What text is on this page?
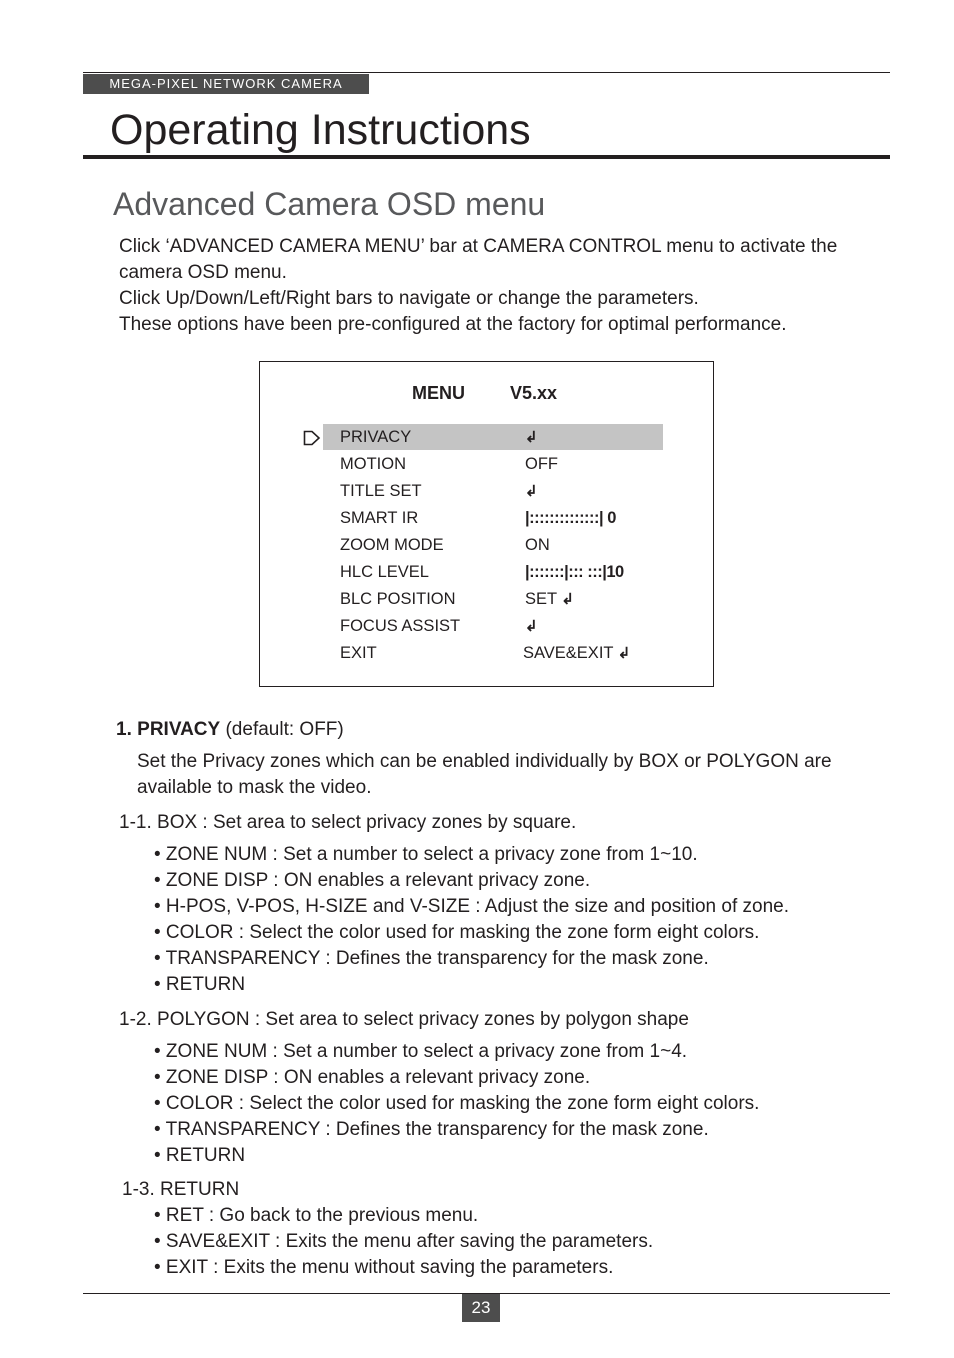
MEGA-PIXEL NETWORK CAMERA
Operating Instructions
Advanced Camera OSD menu

Click ‘ADVANCED CAMERA MENU’ bar at CAMERA CONTROL menu to activate the camera OSD menu.

Click Up/Down/Left/Right bars to navigate or change the parameters.

These options have been pre-configured at the factory for optimal performance.

MENU	V5.xx
PRIVACY	↲
MOTION	OFF
TITLE SET	↲
SMART IR	|::::::::::::::| 0
ZOOM MODE	ON
HLC LEVEL	|:::::::|::: :::|10
BLC POSITION	SET ↲
FOCUS ASSIST	↲
EXIT	SAVE&EXIT ↲
1. PRIVACY (default: OFF)
Set the Privacy zones which can be enabled individually by BOX or POLYGON are available to mask the video.
1-1. BOX : Set area to select privacy zones by square.
• ZONE NUM : Set a number to select a privacy zone from 1~10.
• ZONE DISP : ON enables a relevant privacy zone.
• H-POS, V-POS, H-SIZE and V-SIZE : Adjust the size and position of zone.
• COLOR : Select the color used for masking the zone form eight colors.
• TRANSPARENCY : Defines the transparency for the mask zone.
• RETURN
1-2. POLYGON : Set area to select privacy zones by polygon shape
• ZONE NUM : Set a number to select a privacy zone from 1~4.
• ZONE DISP : ON enables a relevant privacy zone.
• COLOR : Select the color used for masking the zone form eight colors.
• TRANSPARENCY : Defines the transparency for the mask zone.
• RETURN
1-3. RETURN
• RET : Go back to the previous menu.
• SAVE&EXIT : Exits the menu after saving the parameters.
• EXIT : Exits the menu without saving the parameters.
23
